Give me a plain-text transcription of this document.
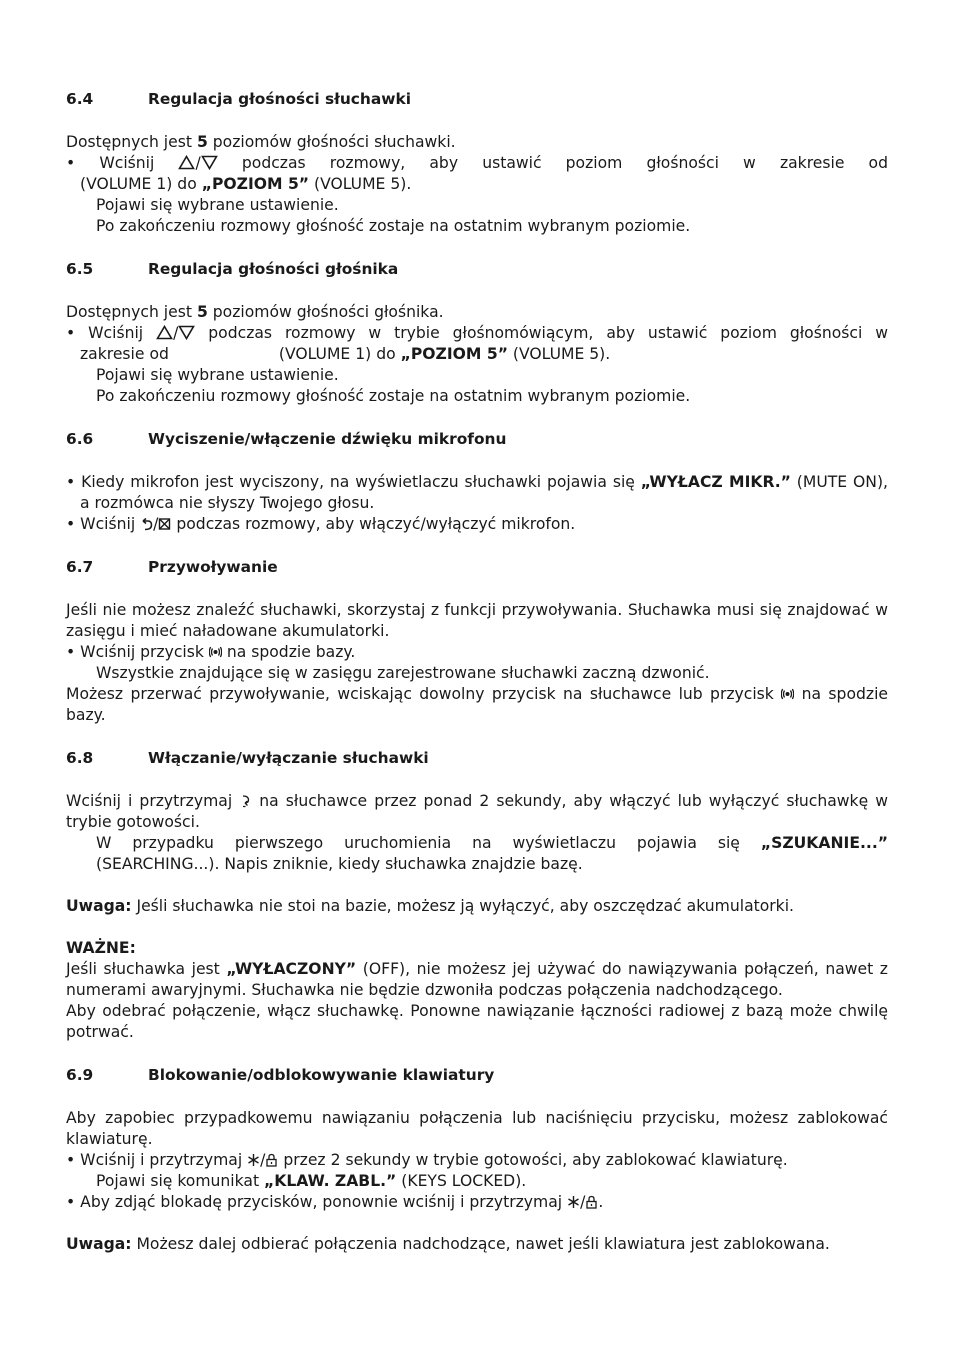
6.4	Regulacja głośności słuchawki

Dostępnych jest 5 poziomów głośności słuchawki.

• Wciśnij
/
podczas rozmowy, aby ustawić poziom głośności w zakresie od

(VOLUME 1) do „POZIOM 5” (VOLUME 5).

Pojawi się wybrane ustawienie.

Po zakończeniu rozmowy głośność zostaje na ostatnim wybranym poziomie.

6.5	Regulacja głośności głośnika

Dostępnych jest 5 poziomów głośności głośnika.

• Wciśnij
/
podczas rozmowy w trybie głośnomówiącym, aby ustawić poziom głośności w

zakresie od	(VOLUME 1) do „POZIOM 5” (VOLUME 5).

Pojawi się wybrane ustawienie.

Po zakończeniu rozmowy głośność zostaje na ostatnim wybranym poziomie.

6.6	Wyciszenie/włączenie dźwięku mikrofonu

• Kiedy mikrofon jest wyciszony, na wyświetlaczu słuchawki pojawia się „WYŁACZ MIKR.” (MUTE ON), a rozmówca nie słyszy Twojego głosu.

• Wciśnij
/
podczas rozmowy, aby włączyć/wyłączyć mikrofon.

6.7	Przywoływanie

Jeśli nie możesz znaleźć słuchawki, skorzystaj z funkcji przywoływania. Słuchawka musi się znajdować w zasięgu i mieć naładowane akumulatorki.

• Wciśnij przycisk
na spodzie bazy.

Wszystkie znajdujące się w zasięgu zarejestrowane słuchawki zaczną dzwonić.

Możesz przerwać przywoływanie, wciskając dowolny przycisk na słuchawce lub przycisk
na spodzie bazy.

6.8	Włączanie/wyłączanie słuchawki

Wciśnij i przytrzymaj
na słuchawce przez ponad 2 sekundy, aby włączyć lub wyłączyć słuchawkę w trybie gotowości.

W przypadku pierwszego uruchomienia na wyświetlaczu pojawia się „SZUKANIE...” (SEARCHING...). Napis zniknie, kiedy słuchawka znajdzie bazę.

Uwaga: Jeśli słuchawka nie stoi na bazie, możesz ją wyłączyć, aby oszczędzać akumulatorki.

WAŻNE:

Jeśli słuchawka jest „WYŁACZONY” (OFF), nie możesz jej używać do nawiązywania połączeń, nawet z numerami awaryjnymi. Słuchawka nie będzie dzwoniła podczas połączenia nadchodzącego.

Aby odebrać połączenie, włącz słuchawkę. Ponowne nawiązanie łączności radiowej z bazą może chwilę potrwać.

6.9	Blokowanie/odblokowywanie klawiatury

Aby zapobiec przypadkowemu nawiązaniu połączenia lub naciśnięciu przycisku, możesz zablokować klawiaturę.

• Wciśnij i przytrzymaj
/
przez 2 sekundy w trybie gotowości, aby zablokować klawiaturę.

Pojawi się komunikat „KLAW. ZABL.” (KEYS LOCKED).

• Aby zdjąć blokadę przycisków, ponownie wciśnij i przytrzymaj
/ .

Uwaga: Możesz dalej odbierać połączenia nadchodzące, nawet jeśli klawiatura jest zablokowana.
